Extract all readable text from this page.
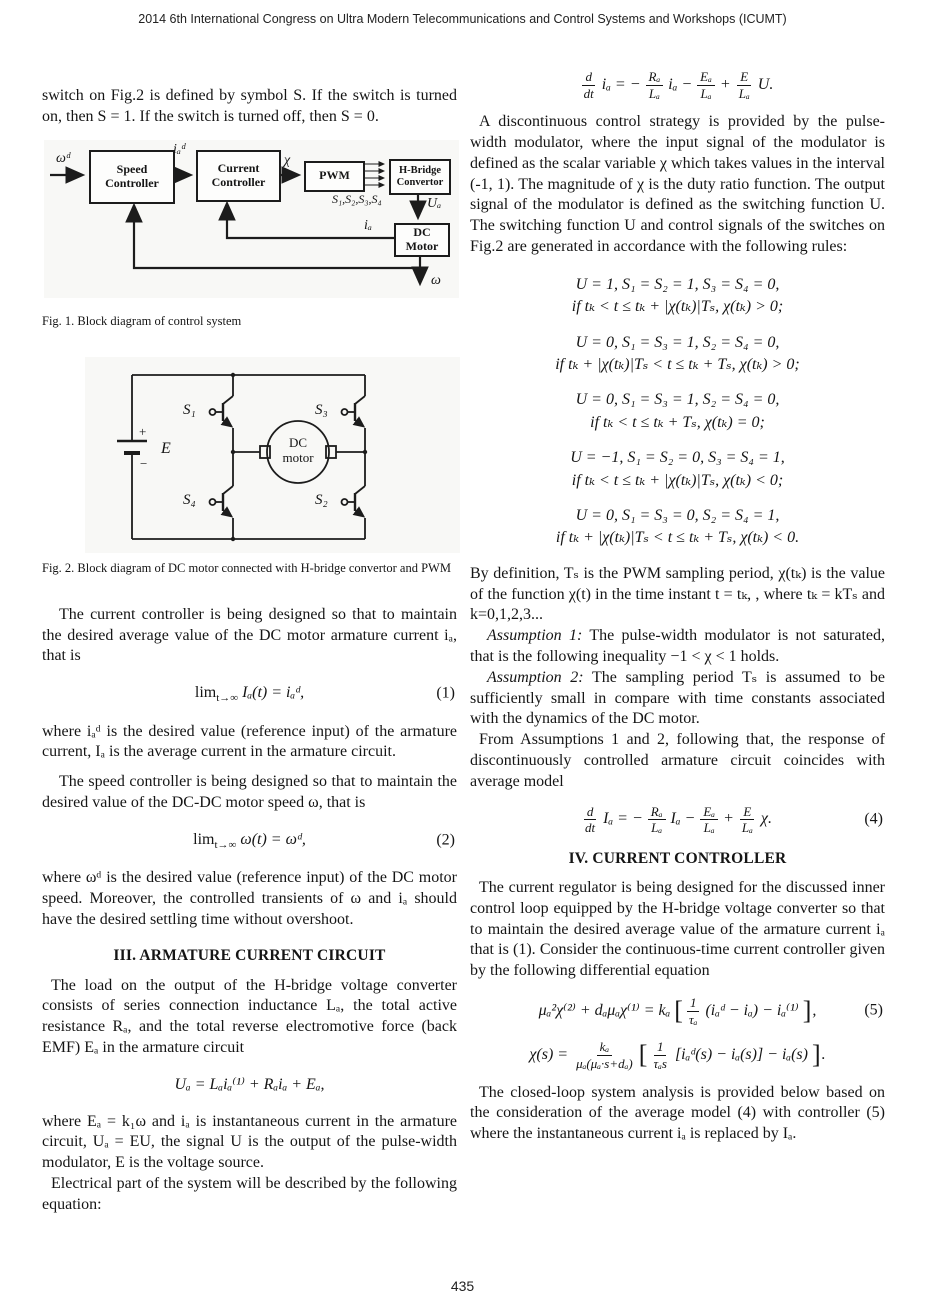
2014 6th International Congress on Ultra Modern Telecommunications and Control Systems and Workshops (ICUMT)

switch on Fig.2 is defined by symbol S. If the switch is turned on, then S = 1. If the switch is turned off, then S = 0.

Speed Controller
Current Controller	PWM	H-Bridge Convertor
DC Motor
ωᵈ
iₐᵈ
χ
S₁,S₂,S₃,S₄	Uₐ
iₐ
ω

Fig. 1. Block diagram of control system

S₁	S₃
S₄	S₂
E
+
−
DC
motor

Fig. 2. Block diagram of DC motor connected with H-bridge convertor and PWM

The current controller is being designed so that to maintain the desired average value of the DC motor armature current iₐ, that is

$\lim_{t\to\infty} I_a(t)$ = iₐᵈ,	(1)

where iₐᵈ is the desired value (reference input) of the armature current, Iₐ is the average current in the armature circuit.

The speed controller is being designed so that to maintain the desired value of the DC-DC motor speed ω, that is

$\lim_{t\to\infty} \omega(t)$ = ωᵈ,	(2)

where ωᵈ is the desired value (reference input) of the DC motor speed. Moreover, the controlled transients of ω and iₐ should have the desired settling time without overshoot.

III. ARMATURE CURRENT CIRCUIT

The load on the output of the H-bridge voltage converter consists of series connection inductance Lₐ, the total active resistance Rₐ, and the total reverse electromotive force (back EMF) Eₐ in the armature circuit

Uₐ = Lₐiₐ⁽¹⁾ + Rₐiₐ + Eₐ,

where Eₐ = k₁ω and iₐ is instantaneous current in the armature circuit, Uₐ = EU, the signal U is the output of the pulse-width modulator, E is the voltage source.

Electrical part of the system will be described by the following equation:

$\frac{d}{dt}$ iₐ = − $\frac{\text{Rₐ}}{\text{Lₐ}}$ $i_a - \frac{\text{Eₐ}}{\text{Lₐ}} + \frac{E}{\text{Lₐ}} U$.

A discontinuous control strategy is provided by the pulse-width modulator, where the input signal of the modulator is defined as the scalar variable χ which takes values in the interval (-1, 1). The magnitude of χ is the duty ratio function. The output signal of the modulator is defined as the switching function U. The switching function U and control signals of the switches on Fig.2 are generated in accordance with the following rules:

U = 1, S₁ = S₂ = 1, S₃ = S₄ = 0,
if tₖ < t ≤ tₖ + |χ(tₖ)|Tₛ, χ(tₖ) > 0;
U = 0, S₁ = S₃ = 1, S₂ = S₄ = 0,
if tₖ + |χ(tₖ)|Tₛ < t ≤ tₖ + Tₛ, χ(tₖ) > 0;
U = 0, S₁ = S₃ = 1, S₂ = S₄ = 0,
if tₖ < t ≤ tₖ + Tₛ, χ(tₖ) = 0;
U = −1, S₁ = S₂ = 0, S₃ = S₄ = 1,
if tₖ < t ≤ tₖ + |χ(tₖ)|Tₛ, χ(tₖ) < 0;
U = 0, S₁ = S₃ = 0, S₂ = S₄ = 1,
if tₖ + |χ(tₖ)|Tₛ < t ≤ tₖ + Tₛ, χ(tₖ) < 0.

By definition, Tₛ is the PWM sampling period, χ(tₖ) is the value of the function χ(t) in the time instant t = tₖ, , where tₖ = kTₛ and k=0,1,2,3...

Assumption 1: The pulse-width modulator is not saturated, that is the following inequality −1 < χ < 1 holds.

Assumption 2: The sampling period Tₛ is assumed to be sufficiently small in compare with time constants associated with the dynamics of the DC motor.

From Assumptions 1 and 2, following that, the response of discontinuously controlled armature circuit coincides with average model

$\frac{d}{dt}$ Iₐ = − $\frac{\text{Rₐ}}{\text{Lₐ}}$ $I_a - \frac{\text{Eₐ}}{\text{Lₐ}} + \frac{E}{\text{Lₐ}} \chi$.	(4)
IV. CURRENT CONTROLLER

The current regulator is being designed for the discussed inner control loop equipped by the H-bridge voltage converter so that to maintain the desired average value of the armature current iₐ that is (1). Consider the continuous-time current controller given by the following differential equation

μₐ²χ⁽²⁾ + dₐμₐχ⁽¹⁾ = kₐ [ $\frac{1}{\text{τₐ}}$ (iₐᵈ − iₐ) − iₐ⁽¹⁾ ] ,	(5)

$\chi(s) = \frac{\text{kₐ}}{\text{μₐ(μₐ·s+dₐ)}}$ [ $\frac{1}{\text{τₐs}}$ [iₐᵈ(s) − iₐ(s)] − iₐ(s) ] .

The closed-loop system analysis is provided below based on the consideration of the average model (4) with controller (5) where the instantaneous current iₐ is replaced by Iₐ.

435
